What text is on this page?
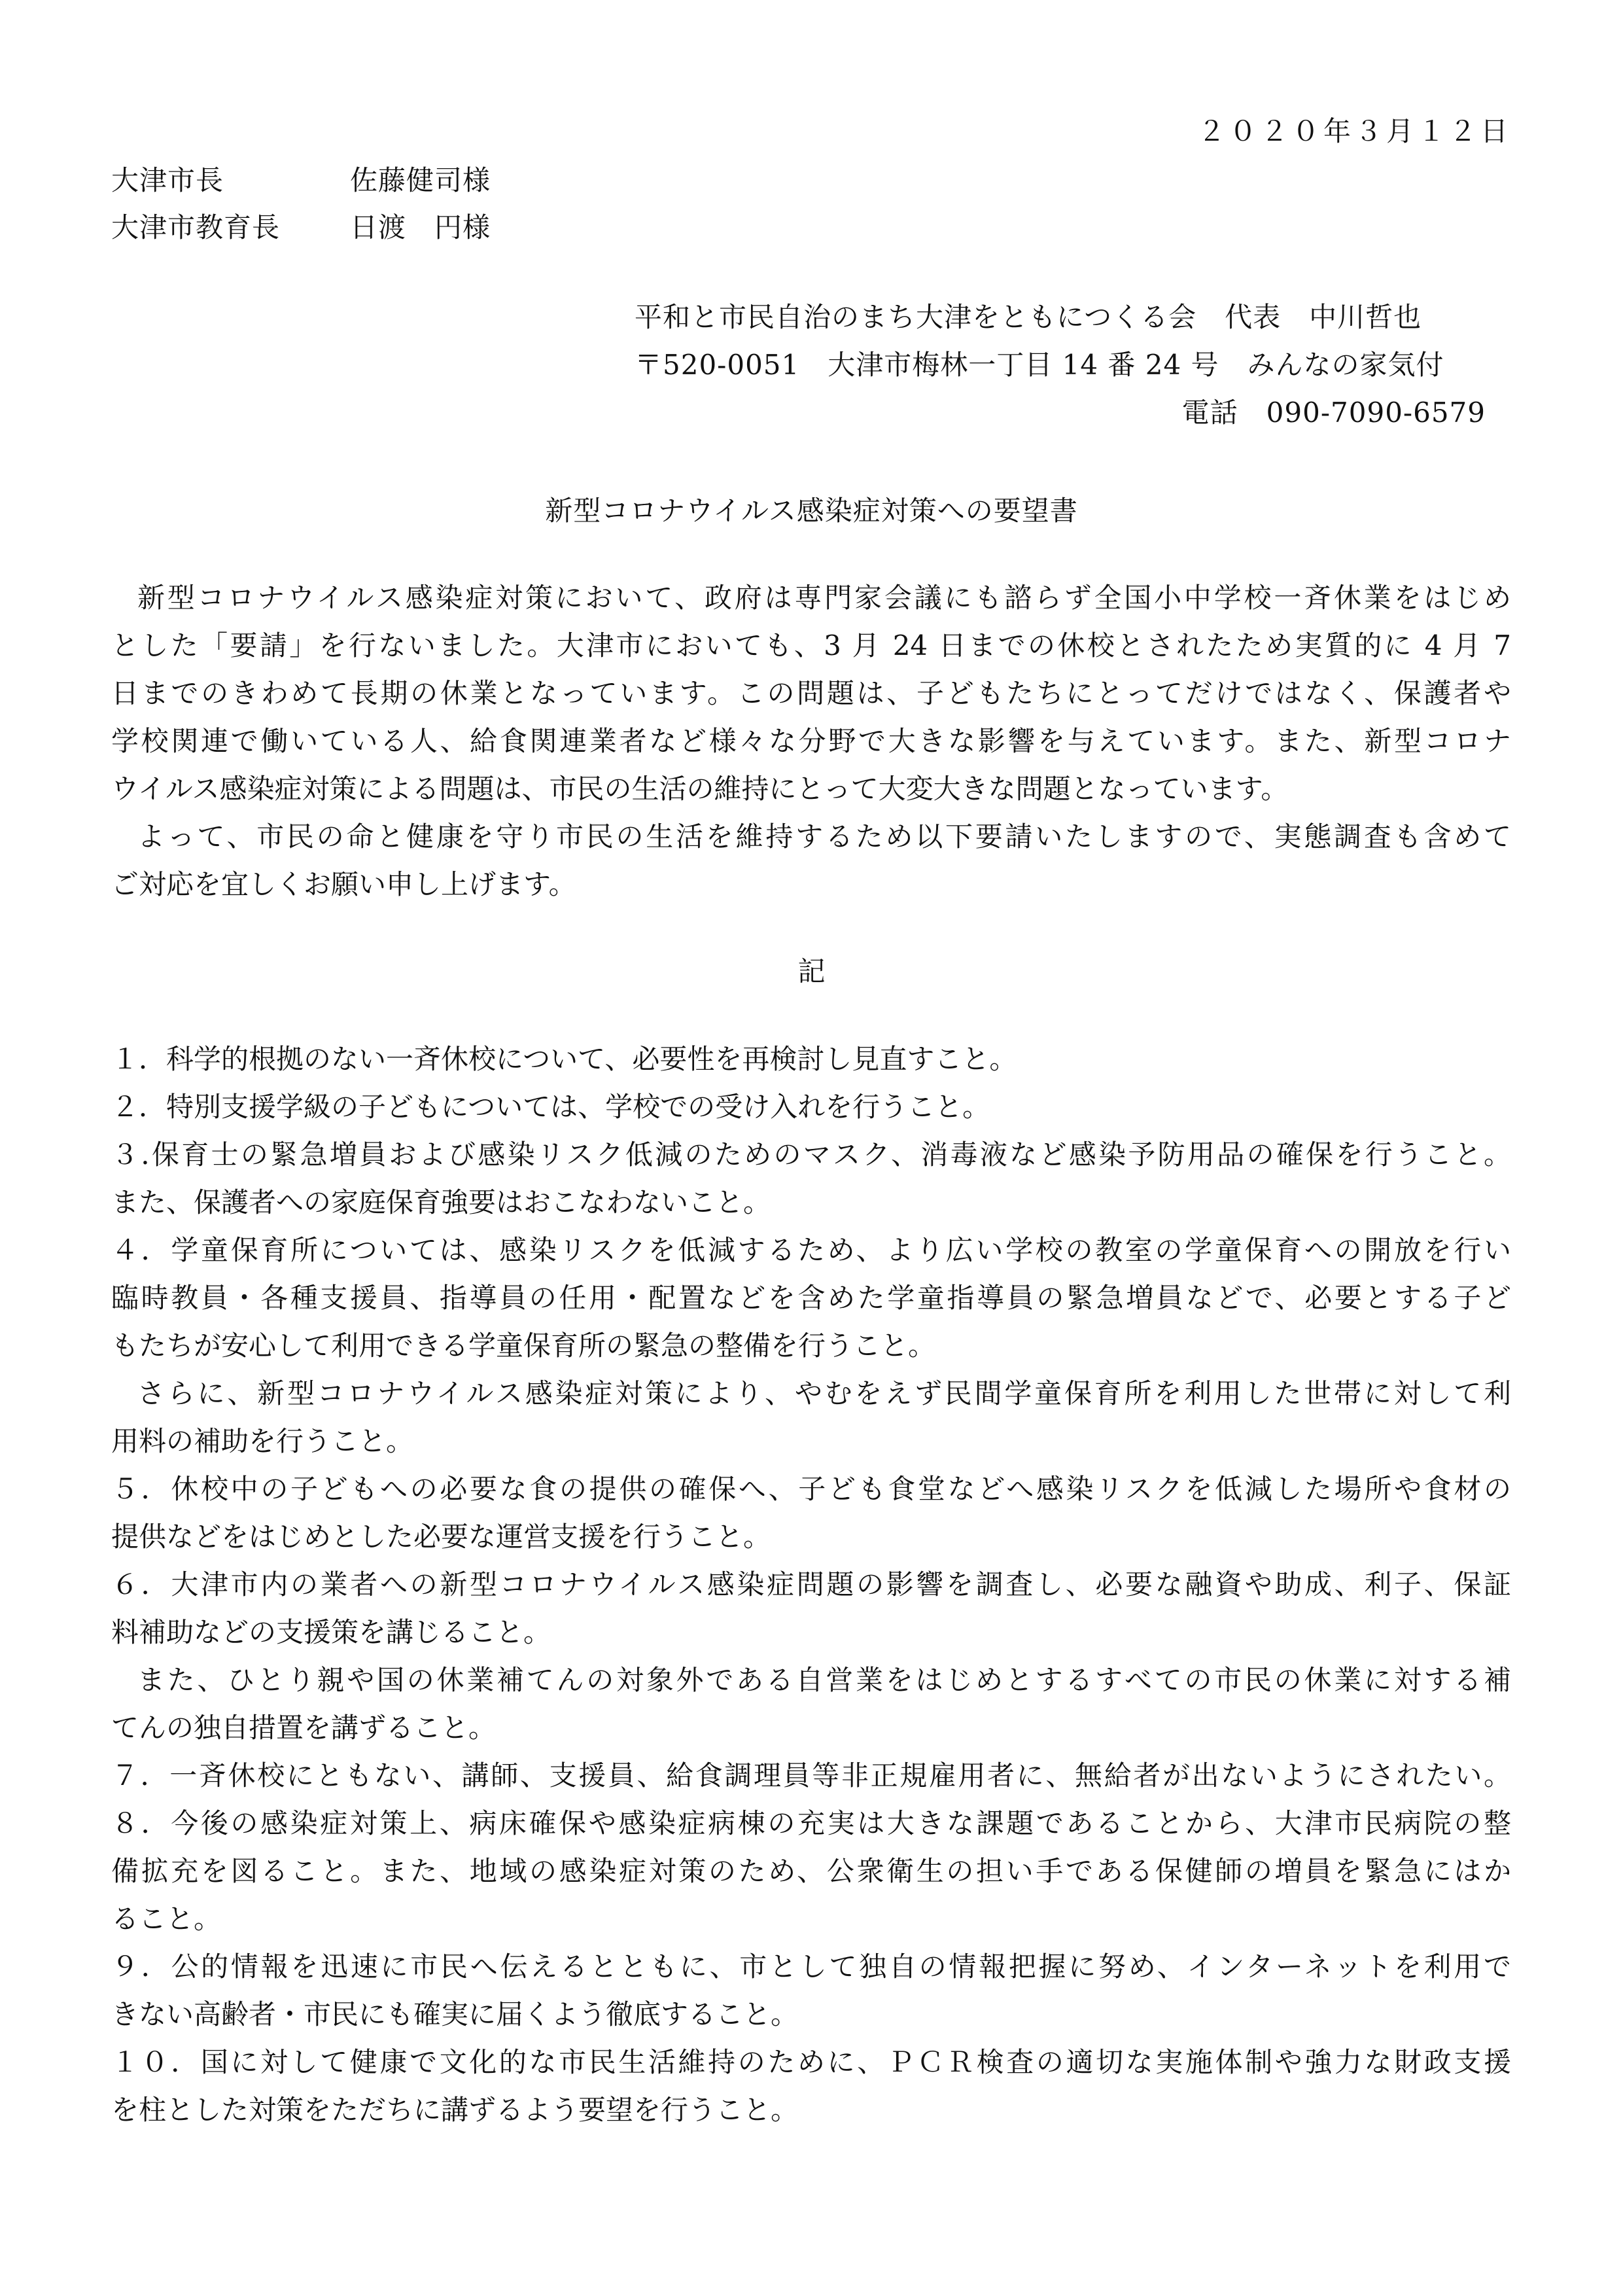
２０２０年３月１２日
大津市長	佐藤健司様
大津市教育長	日渡　円様
平和と市民自治のまち大津をともにつくる会　代表　中川哲也
〒520-0051　大津市梅林一丁目 14 番 24 号　みんなの家気付
電話　090-7090-6579
新型コロナウイルス感染症対策への要望書
新型コロナウイルス感染症対策において、政府は専門家会議にも諮らず全国小中学校一斉休業をはじめ
とした「要請」を行ないました。大津市においても、3 月 24 日までの休校とされたため実質的に 4 月 7
日までのきわめて長期の休業となっています。この問題は、子どもたちにとってだけではなく、保護者や
学校関連で働いている人、給食関連業者など様々な分野で大きな影響を与えています。また、新型コロナ
ウイルス感染症対策による問題は、市民の生活の維持にとって大変大きな問題となっています。
よって、市民の命と健康を守り市民の生活を維持するため以下要請いたしますので、実態調査も含めて
ご対応を宜しくお願い申し上げます。
記
１．科学的根拠のない一斉休校について、必要性を再検討し見直すこと。
２．特別支援学級の子どもについては、学校での受け入れを行うこと。
３.保育士の緊急増員および感染リスク低減のためのマスク、消毒液など感染予防用品の確保を行うこと。
また、保護者への家庭保育強要はおこなわないこと。
４．学童保育所については、感染リスクを低減するため、より広い学校の教室の学童保育への開放を行い
臨時教員・各種支援員、指導員の任用・配置などを含めた学童指導員の緊急増員などで、必要とする子ど
もたちが安心して利用できる学童保育所の緊急の整備を行うこと。
さらに、新型コロナウイルス感染症対策により、やむをえず民間学童保育所を利用した世帯に対して利
用料の補助を行うこと。
５．休校中の子どもへの必要な食の提供の確保へ、子ども食堂などへ感染リスクを低減した場所や食材の
提供などをはじめとした必要な運営支援を行うこと。
６．大津市内の業者への新型コロナウイルス感染症問題の影響を調査し、必要な融資や助成、利子、保証
料補助などの支援策を講じること。
また、ひとり親や国の休業補てんの対象外である自営業をはじめとするすべての市民の休業に対する補
てんの独自措置を講ずること。
７．一斉休校にともない、講師、支援員、給食調理員等非正規雇用者に、無給者が出ないようにされたい。
８．今後の感染症対策上、病床確保や感染症病棟の充実は大きな課題であることから、大津市民病院の整
備拡充を図ること。また、地域の感染症対策のため、公衆衛生の担い手である保健師の増員を緊急にはか
ること。
９．公的情報を迅速に市民へ伝えるとともに、市として独自の情報把握に努め、インターネットを利用で
きない高齢者・市民にも確実に届くよう徹底すること。
１０．国に対して健康で文化的な市民生活維持のために、ＰＣＲ検査の適切な実施体制や強力な財政支援
を柱とした対策をただちに講ずるよう要望を行うこと。
